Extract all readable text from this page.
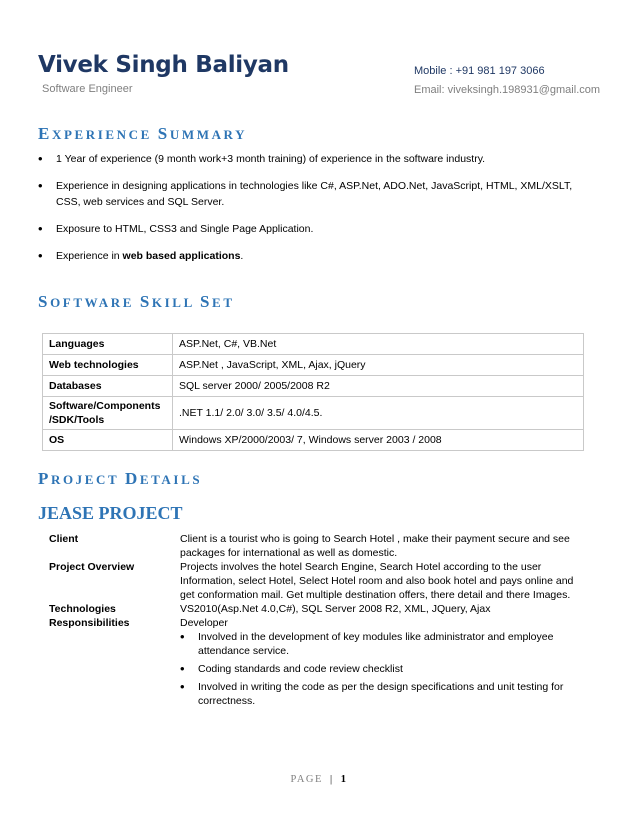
Vivek Singh Baliyan
Software Engineer
Mobile : +91 981 197 3066
Email: viveksingh.198931@gmail.com
EXPERIENCE SUMMARY
• 1 Year of experience (9 month work+3 month training) of experience in the software industry.
• Experience in designing applications in technologies like C#, ASP.Net, ADO.Net, JavaScript, HTML, XML/XSLT, CSS, web services and SQL Server.
• Exposure to HTML, CSS3 and Single Page Application.
• Experience in web based applications.
SOFTWARE SKILL SET
Languages	ASP.Net, C#, VB.Net
Web technologies	ASP.Net , JavaScript, XML, Ajax, jQuery
Databases	SQL server 2000/ 2005/2008 R2
Software/Components /SDK/Tools	.NET 1.1/ 2.0/ 3.0/ 3.5/ 4.0/4.5.
OS	Windows XP/2000/2003/ 7, Windows server 2003 / 2008
PROJECT DETAILS
JEASE PROJECT
Client	Client is a tourist who is going to Search Hotel , make their payment secure and see packages for international as well as domestic.
Project Overview	Projects involves the hotel Search Engine, Search Hotel according to the user Information, select Hotel, Select Hotel room and also book hotel and pays online and get conformation mail. Get multiple destination offers, there detail and there Images.
Technologies	VS2010(Asp.Net 4.0,C#), SQL Server 2008 R2, XML, JQuery, Ajax
Responsibilities	Developer
• Involved in the development of key modules like administrator and employee attendance service.
• Coding standards and code review checklist
• Involved in writing the code as per the design specifications and unit testing for correctness.
PAGE | 1
